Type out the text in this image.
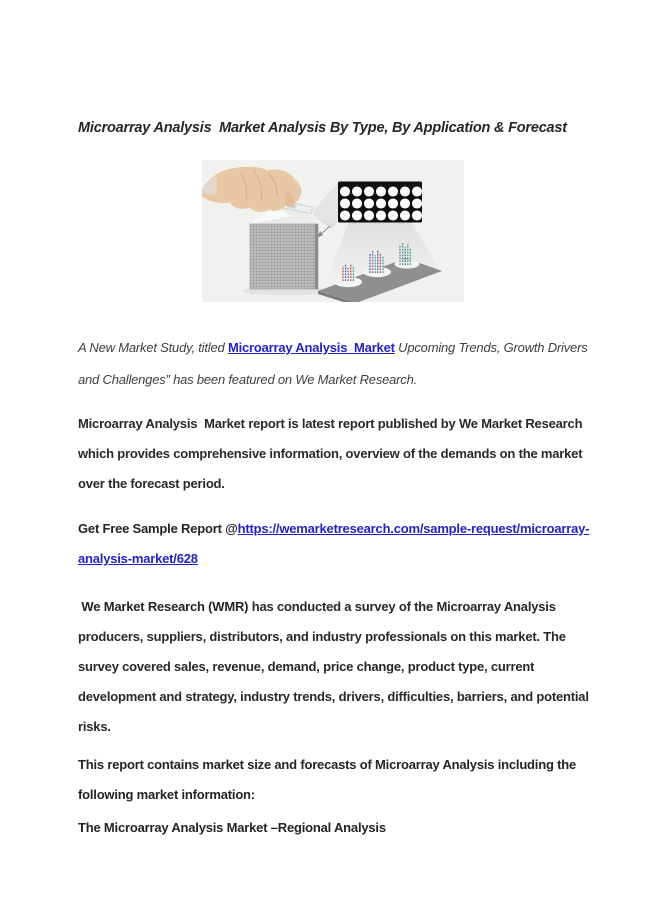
Microarray Analysis  Market Analysis By Type, By Application & Forecast

A New Market Study, titled Microarray Analysis  Market Upcoming Trends, Growth Drivers and Challenges” has been featured on We Market Research.

Microarray Analysis  Market report is latest report published by We Market Research  which provides comprehensive information, overview of the demands on the market over the forecast period.

Get Free Sample Report @https://wemarketresearch.com/sample-request/microarray-analysis-market/628

We Market Research (WMR) has conducted a survey of the Microarray Analysis  producers, suppliers, distributors, and industry professionals on this market. The survey covered sales, revenue, demand, price change, product type, current development and strategy, industry trends, drivers, difficulties, barriers, and potential risks.

This report contains market size and forecasts of Microarray Analysis including the following market information:

The Microarray Analysis Market –Regional Analysis
